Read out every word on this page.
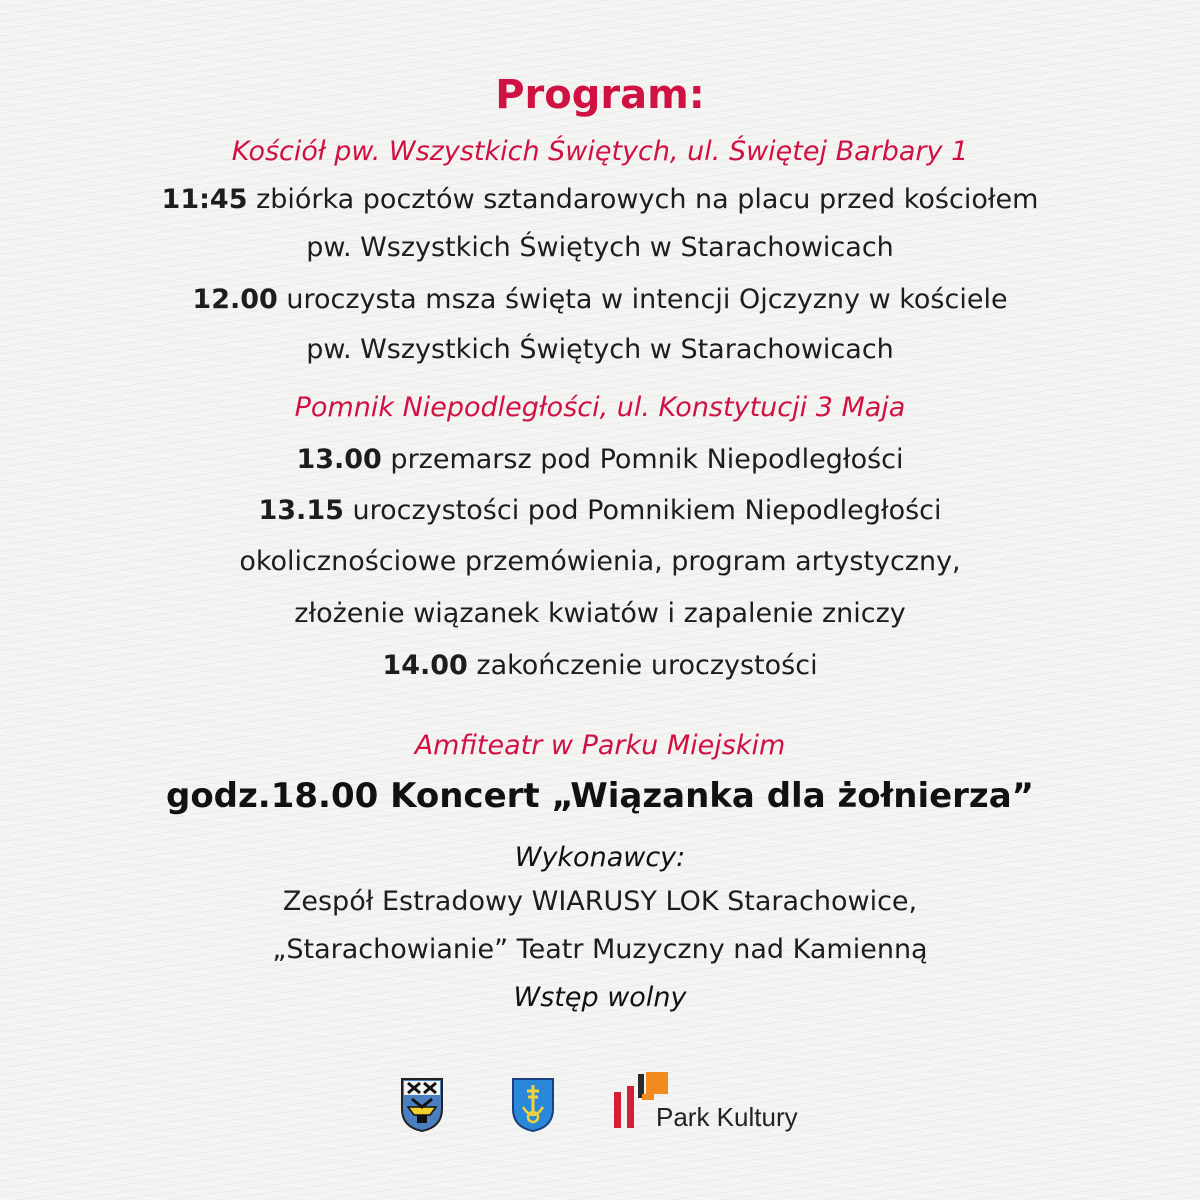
Program:
Kościół pw. Wszystkich Świętych, ul. Świętej Barbary 1
11:45 zbiórka pocztów sztandarowych na placu przed kościołem
pw. Wszystkich Świętych w Starachowicach
12.00 uroczysta msza święta w intencji Ojczyzny w kościele
pw. Wszystkich Świętych w Starachowicach
Pomnik Niepodległości, ul. Konstytucji 3 Maja
13.00 przemarsz pod Pomnik Niepodległości
13.15 uroczystości pod Pomnikiem Niepodległości
okolicznościowe przemówienia, program artystyczny,
złożenie wiązanek kwiatów i zapalenie zniczy
14.00 zakończenie uroczystości
Amfiteatr w Parku Miejskim
godz.18.00 Koncert „Wiązanka dla żołnierza”
Wykonawcy:
Zespół Estradowy WIARUSY LOK Starachowice,
„Starachowianie” Teatr Muzyczny nad Kamienną
Wstęp wolny
Park Kultury
